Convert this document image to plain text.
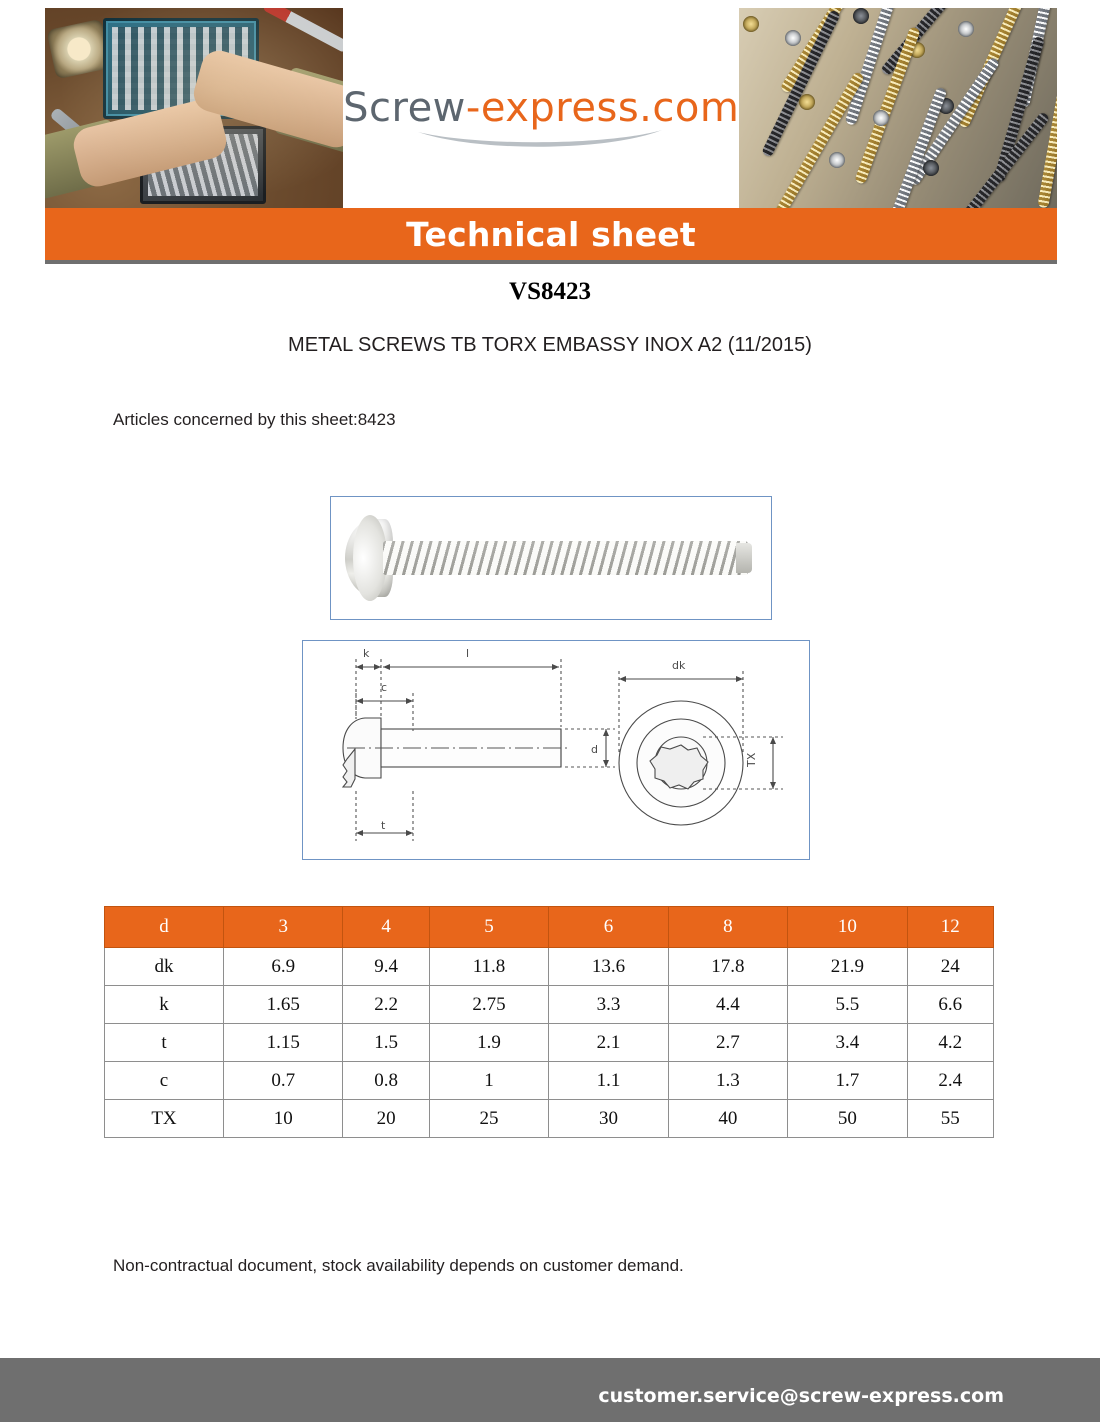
Screw-express.com
Technical sheet
VS8423
METAL SCREWS TB TORX EMBASSY INOX A2 (11/2015)
Articles concerned by this sheet:8423
k	l
c
t
d
dk
TX
d	3	4	5	6	8	10	12
dk	6.9	9.4	11.8	13.6	17.8	21.9	24
k	1.65	2.2	2.75	3.3	4.4	5.5	6.6
t	1.15	1.5	1.9	2.1	2.7	3.4	4.2
c	0.7	0.8	1	1.1	1.3	1.7	2.4
TX	10	20	25	30	40	50	55
Non-contractual document, stock availability depends on customer demand.
customer.service@screw-express.com
